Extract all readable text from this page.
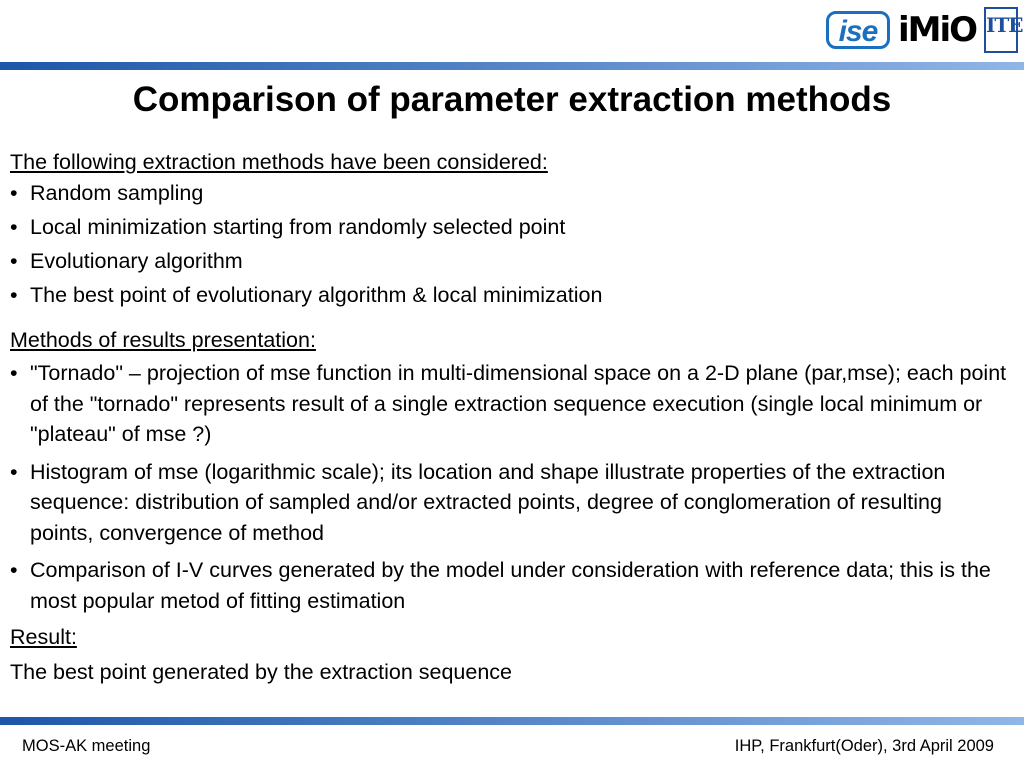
ise iMiO ITE
Comparison of parameter extraction methods
The following extraction methods have been considered:
• Random sampling
• Local minimization starting from randomly selected point
• Evolutionary algorithm
• The best point of evolutionary algorithm & local minimization
Methods of results presentation:
• "Tornado" – projection of mse function in multi-dimensional space on a 2-D plane (par,mse); each point of the "tornado" represents result of a single extraction sequence execution (single local minimum or "plateau" of mse ?)
• Histogram of mse (logarithmic scale); its location and shape illustrate properties of the extraction sequence: distribution of sampled and/or extracted points, degree of conglomeration of resulting points, convergence of method
• Comparison of I-V curves generated by the model under consideration with reference data; this is the most popular metod of fitting estimation
Result:
The best point generated by the extraction sequence
MOS-AK meeting	IHP, Frankfurt(Oder), 3rd April 2009
